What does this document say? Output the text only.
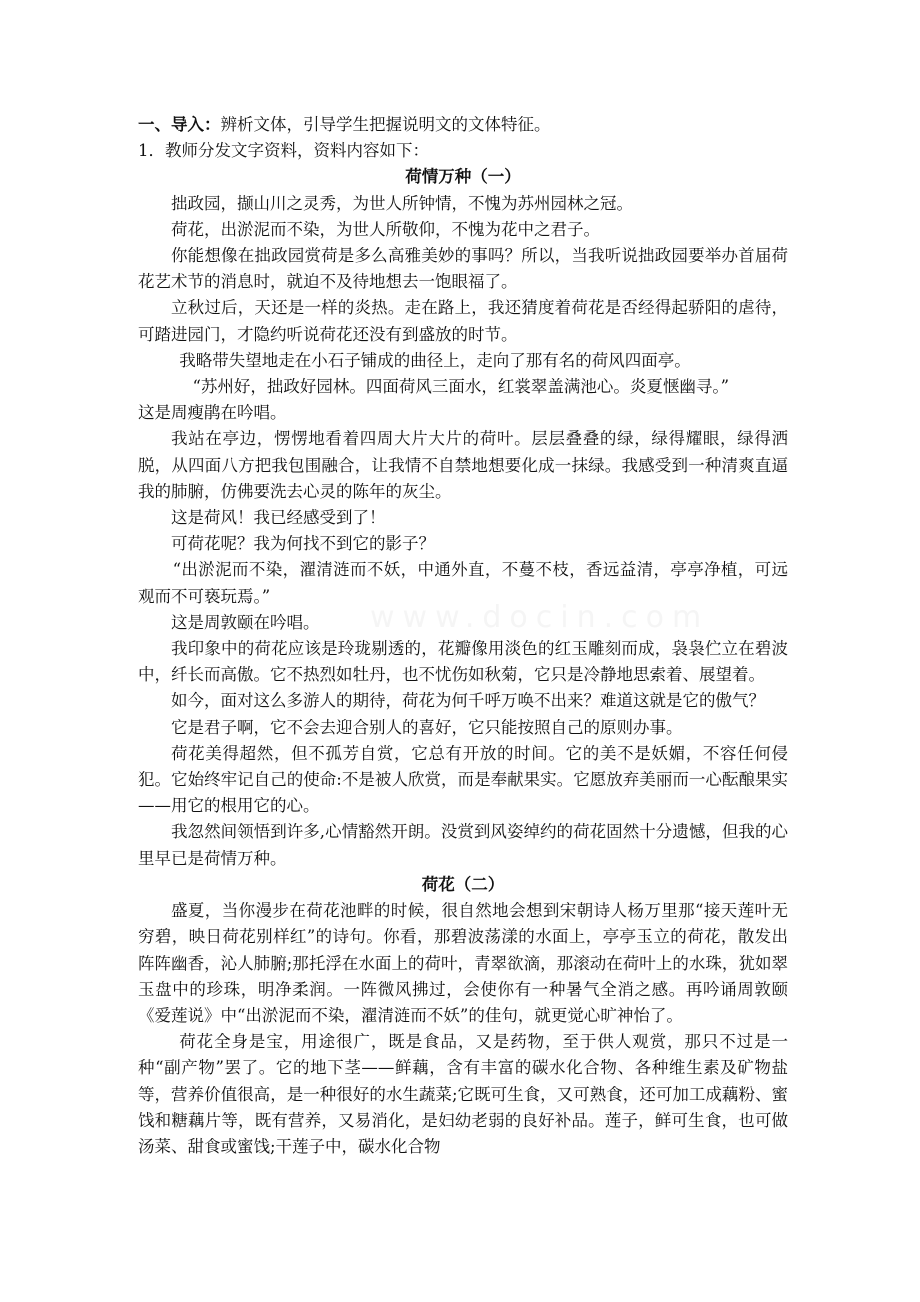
一、导入：辨析文体，引导学生把握说明文的文体特征。

1．教师分发文字资料，资料内容如下：

荷情万种（一）

拙政园，撷山川之灵秀，为世人所钟情，不愧为苏州园林之冠。

荷花，出淤泥而不染，为世人所敬仰，不愧为花中之君子。

你能想像在拙政园赏荷是多么高雅美妙的事吗？所以，当我听说拙政园要举办首届荷花艺术节的消息时，就迫不及待地想去一饱眼福了。

立秋过后，天还是一样的炎热。走在路上，我还猜度着荷花是否经得起骄阳的虐待，可踏进园门，才隐约听说荷花还没有到盛放的时节。

我略带失望地走在小石子铺成的曲径上，走向了那有名的荷风四面亭。

“苏州好，拙政好园林。四面荷风三面水，红裳翠盖满池心。炎夏惬幽寻。”

这是周瘦鹃在吟唱。

我站在亭边，愣愣地看着四周大片大片的荷叶。层层叠叠的绿，绿得耀眼，绿得洒脱，从四面八方把我包围融合，让我情不自禁地想要化成一抹绿。我感受到一种清爽直逼我的肺腑，仿佛要洗去心灵的陈年的灰尘。

这是荷风！我已经感受到了！

可荷花呢？我为何找不到它的影子？

“出淤泥而不染，濯清涟而不妖，中通外直，不蔓不枝，香远益清，亭亭净植，可远观而不可亵玩焉。”

这是周敦颐在吟唱。

我印象中的荷花应该是玲珑剔透的，花瓣像用淡色的红玉雕刻而成，袅袅伫立在碧波中，纤长而高傲。它不热烈如牡丹，也不忧伤如秋菊，它只是冷静地思索着、展望着。

如今，面对这么多游人的期待，荷花为何千呼万唤不出来？难道这就是它的傲气？

它是君子啊，它不会去迎合别人的喜好，它只能按照自己的原则办事。

荷花美得超然，但不孤芳自赏，它总有开放的时间。它的美不是妖媚，不容任何侵犯。它始终牢记自己的使命:不是被人欣赏，而是奉献果实。它愿放弃美丽而一心酝酿果实——用它的根用它的心。

我忽然间领悟到许多,心情豁然开朗。没赏到风姿绰约的荷花固然十分遗憾，但我的心里早已是荷情万种。

荷花（二）

盛夏，当你漫步在荷花池畔的时候，很自然地会想到宋朝诗人杨万里那“接天莲叶无穷碧，映日荷花别样红”的诗句。你看，那碧波荡漾的水面上，亭亭玉立的荷花，散发出阵阵幽香，沁人肺腑;那托浮在水面上的荷叶，青翠欲滴，那滚动在荷叶上的水珠，犹如翠玉盘中的珍珠，明净柔润。一阵微风拂过，会使你有一种暑气全消之感。再吟诵周敦颐《爱莲说》中“出淤泥而不染，濯清涟而不妖”的佳句，就更觉心旷神怡了。

荷花全身是宝，用途很广，既是食品，又是药物，至于供人观赏，那只不过是一种“副产物”罢了。它的地下茎——鲜藕，含有丰富的碳水化合物、各种维生素及矿物盐等，营养价值很高，是一种很好的水生蔬菜;它既可生食，又可熟食，还可加工成藕粉、蜜饯和糖藕片等，既有营养，又易消化，是妇幼老弱的良好补品。莲子，鲜可生食，也可做汤菜、甜食或蜜饯;干莲子中，碳水化合物

www.docin.com
